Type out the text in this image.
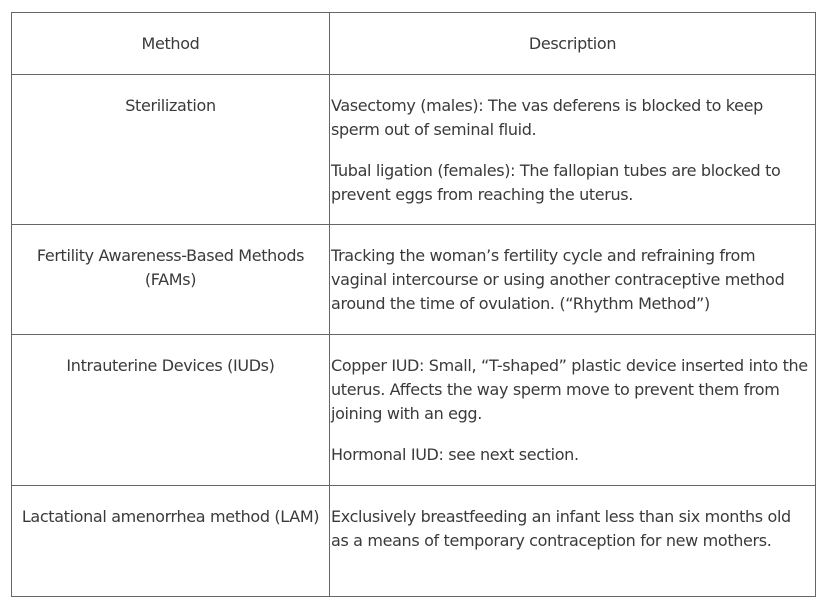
Method	Description
Sterilization	Vasectomy (males): The vas deferens is blocked to keep sperm out of seminal fluid.

Tubal ligation (females): The fallopian tubes are blocked to prevent eggs from reaching the uterus.

Fertility Awareness-Based Methods (FAMs)	Tracking the woman’s fertility cycle and refraining from vaginal intercourse or using another contraceptive method around the time of ovulation. (“Rhythm Method”)

Intrauterine Devices (IUDs)	Copper IUD: Small, “T-shaped” plastic device inserted into the uterus. Affects the way sperm move to prevent them from joining with an egg.

Hormonal IUD: see next section.

Lactational amenorrhea method (LAM)	Exclusively breastfeeding an infant less than six months old as a means of temporary contraception for new mothers.
